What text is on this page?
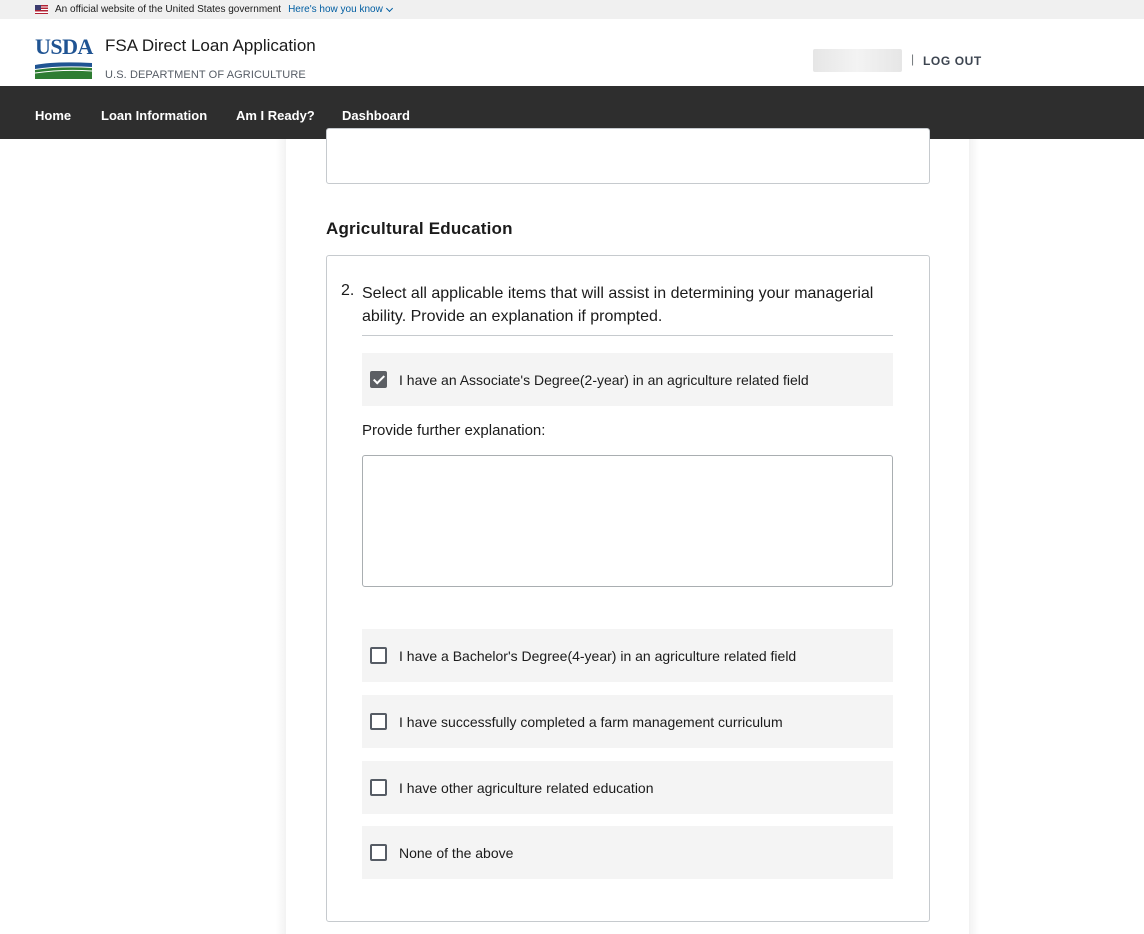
An official website of the United States government Here's how you know
USDA FSA Direct Loan Application
U.S. DEPARTMENT OF AGRICULTURE
| LOG OUT
Home Loan Information Am I Ready? Dashboard
Agricultural Education
2. Select all applicable items that will assist in determining your managerial ability. Provide an explanation if prompted.
I have an Associate's Degree(2-year) in an agriculture related field
Provide further explanation:
I have a Bachelor's Degree(4-year) in an agriculture related field
I have successfully completed a farm management curriculum
I have other agriculture related education
None of the above
